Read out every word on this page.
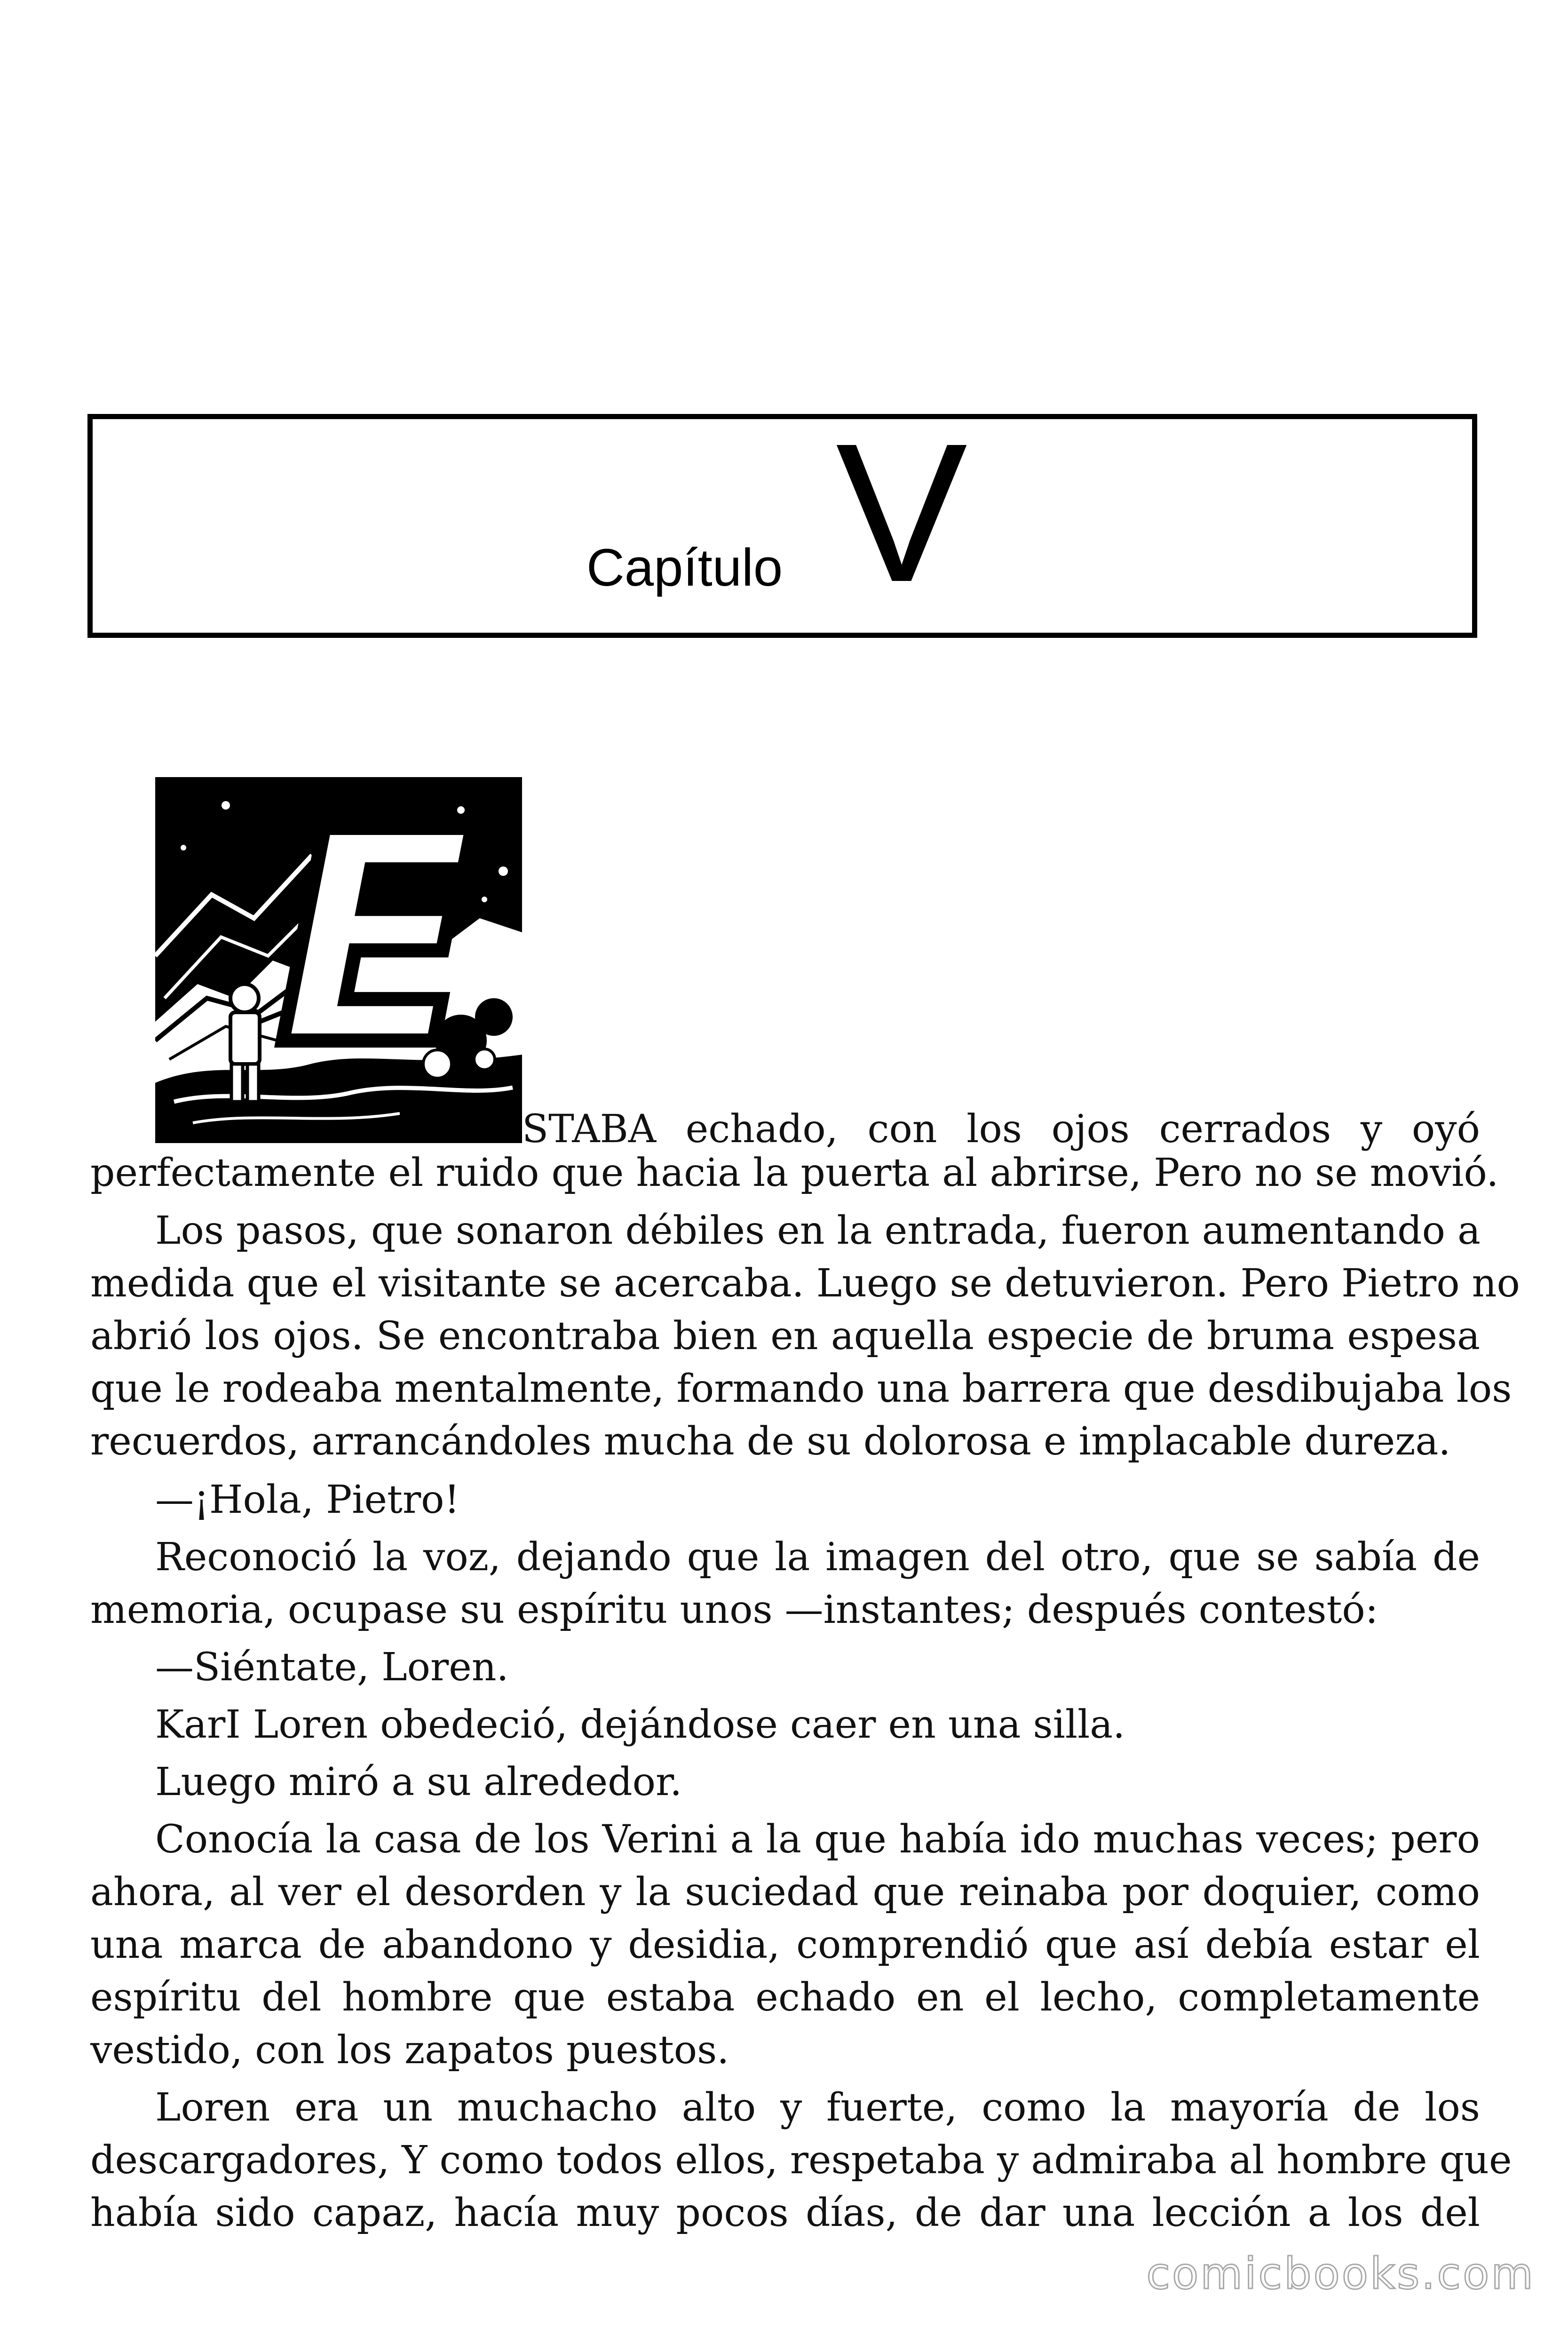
Capítulo V
E
STABA echado, con los ojos cerrados y oyó
perfectamente el ruido que hacia la puerta al abrirse, Pero no se movió.
Los pasos, que sonaron débiles en la entrada, fueron aumentando a
medida que el visitante se acercaba. Luego se detuvieron. Pero Pietro no
abrió los ojos. Se encontraba bien en aquella especie de bruma espesa
que le rodeaba mentalmente, formando una barrera que desdibujaba los
recuerdos, arrancándoles mucha de su dolorosa e implacable dureza.
—¡Hola, Pietro!
Reconoció la voz, dejando que la imagen del otro, que se sabía de
memoria, ocupase su espíritu unos —instantes; después contestó:
—Siéntate, Loren.
KarI Loren obedeció, dejándose caer en una silla.
Luego miró a su alrededor.
Conocía la casa de los Verini a la que había ido muchas veces; pero
ahora, al ver el desorden y la suciedad que reinaba por doquier, como
una marca de abandono y desidia, comprendió que así debía estar el
espíritu del hombre que estaba echado en el lecho, completamente
vestido, con los zapatos puestos.
Loren era un muchacho alto y fuerte, como la mayoría de los
descargadores, Y como todos ellos, respetaba y admiraba al hombre que
había sido capaz, hacía muy pocos días, de dar una lección a los del
comicbooks.com
